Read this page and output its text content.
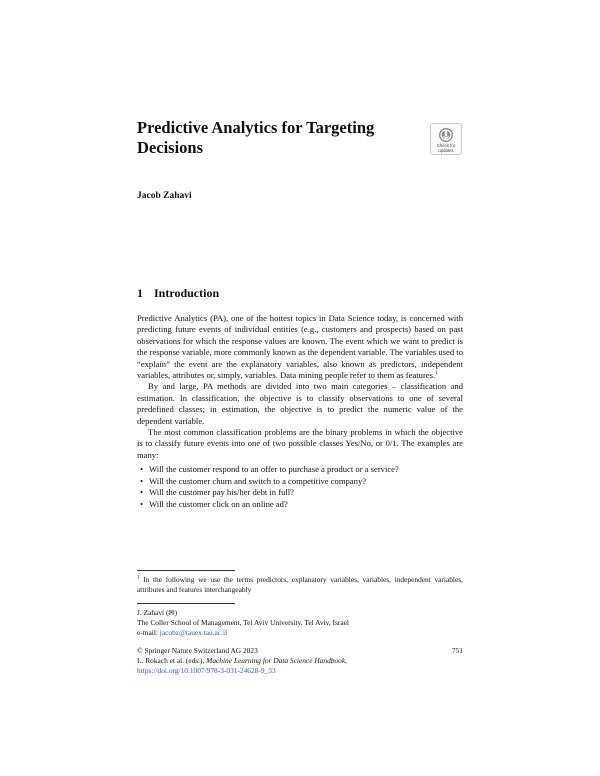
Predictive Analytics for Targeting Decisions	Check for
updates
Jacob Zahavi
1 Introduction

Predictive Analytics (PA), one of the hottest topics in Data Science today, is concerned with predicting future events of individual entities (e.g., customers and prospects) based on past observations for which the response values are known. The event which we want to predict is the response variable, more commonly known as the dependent variable. The variables used to “explain” the event are the explanatory variables, also known as predictors, independent variables, attributes or, simply, variables. Data mining people refer to them as features.$^1$

By and large, PA methods are divided into two main categories – classification and estimation. In classification, the objective is to classify observations to one of several predefined classes; in estimation, the objective is to predict the numeric value of the dependent variable.

The most common classification problems are the binary problems in which the objective is to classify future events into one of two possible classes Yes/No, or 0/1. The examples are many:

• Will the customer respond to an offer to purchase a product or a service?
• Will the customer churn and switch to a competitive company?
• Will the customer pay his/her debt in full?
• Will the customer click on an online ad?
$^1$ In the following we use the terms predictors, explanatory variables, variables, independent variables, attributes and features interchangeably
J. Zahavi (✉)
The Coller School of Management, Tel Aviv University, Tel Aviv, Israel
e-mail: jacobz@tauex.tau.ac.il
© Springer Nature Switzerland AG 2023	751
L. Rokach et al. (eds.), Machine Learning for Data Science Handbook,
https://doi.org/10.1007/978-3-031-24628-9_33
